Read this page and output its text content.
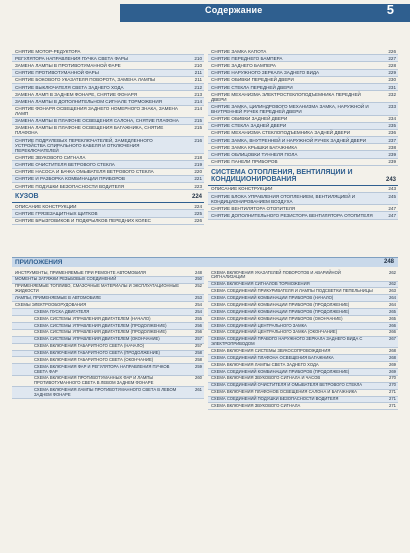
Содержание	5
СНЯТИЕ МОТОР-РЕДУКТОРА
РЕГУЛЯТОРА НАПРАВЛЕНИЯ ПУЧКА СВЕТА ФАРЫ	210
ЗАМЕНА ЛАМПЫ В ПРОТИВОТУМАННОЙ ФАРЕ	210
СНЯТИЕ ПРОТИВОТУМАННОЙ ФАРЫ	211
СНЯТИЕ БОКОВОГО УКАЗАТЕЛЯ ПОВОРОТА, ЗАМЕНА ЛАМПЫ	211
СНЯТИЕ ВЫКЛЮЧАТЕЛЯ СВЕТА ЗАДНЕГО ХОДА	212
ЗАМЕНА ЛАМП В ЗАДНЕМ ФОНАРЕ, СНЯТИЕ ФОНАРЯ	213
ЗАМЕНА ЛАМПЫ В ДОПОЛНИТЕЛЬНОМ СИГНАЛЕ ТОРМОЖЕНИЯ	214
СНЯТИЕ ФОНАРЯ ОСВЕЩЕНИЯ ЗАДНЕГО НОМЕРНОГО ЗНАКА, ЗАМЕНА ЛАМП
214
ЗАМЕНА ЛАМПЫ В ПЛАФОНЕ ОСВЕЩЕНИЯ САЛОНА, СНЯТИЕ ПЛАФОНА	215
ЗАМЕНА ЛАМПЫ В ПЛАФОНЕ ОСВЕЩЕНИЯ БАГАЖНИКА, СНЯТИЕ ПЛАФОНА
215
СНЯТИЕ ПОДРУЛЕВЫХ ПЕРЕКЛЮЧАТЕЛЕЙ, ЗАМЕДЛЕННОГО УСТРОЙСТВА СПИРАЛЬНОГО КАБЕЛЯ И ОТКЛЮЧЕНИЯ ПЕРЕКЛЮЧАТЕЛЕЙ
216
СНЯТИЕ ЗВУКОВОГО СИГНАЛА	218
СНЯТИЕ ОЧИСТИТЕЛЯ ВЕТРОВОГО СТЕКЛА	219
СНЯТИЕ НАСОСА И БАЧКА ОМЫВАТЕЛЯ ВЕТРОВОГО СТЕКЛА	220
СНЯТИЕ И РАЗБОРКА КОМБИНАЦИИ ПРИБОРОВ	221
СНЯТИЕ ПОДУШКИ БЕЗОПАСНОСТИ ВОДИТЕЛЯ	223
КУЗОВ	224
ОПИСАНИЕ КОНСТРУКЦИИ	224
СНЯТИЕ ГРЯЗЕЗАЩИТНЫХ ЩИТКОВ	225
СНЯТИЕ БРЫЗГОВИКОВ И ПОДКРЫЛКОВ ПЕРЕДНИХ КОЛЕС	226
СНЯТИЕ ЗАМКА КАПОТА	226
СНЯТИЕ ПЕРЕДНЕГО БАМПЕРА	227
СНЯТИЕ ЗАДНЕГО БАМПЕРА	228
СНЯТИЕ НАРУЖНОГО ЗЕРКАЛА ЗАДНЕГО ВИДА	229
СНЯТИЕ ОБИВКИ ПЕРЕДНЕЙ ДВЕРИ	230
СНЯТИЕ СТЕКЛА ПЕРЕДНЕЙ ДВЕРИ	231
СНЯТИЕ МЕХАНИЗМА ЭЛЕКТРОСТЕКЛОПОДЪЕМНИКА ПЕРЕДНЕЙ ДВЕРИ
232
СНЯТИЕ ЗАМКА, ЦИЛИНДРОВОГО МЕХАНИЗМА ЗАМКА, НАРУЖНОЙ И ВНУТРЕННЕЙ РУЧЕК ПЕРЕДНЕЙ ДВЕРИ
233
СНЯТИЕ ОБИВКИ ЗАДНЕЙ ДВЕРИ	234
СНЯТИЕ СТЕКЛА ЗАДНЕЙ ДВЕРИ	235
СНЯТИЕ МЕХАНИЗМА СТЕКЛОПОДЪЕМНИКА ЗАДНЕЙ ДВЕРИ	236
СНЯТИЕ ЗАМКА, ВНУТРЕННЕЙ И НАРУЖНОЙ РУЧЕК ЗАДНЕЙ ДВЕРИ	237
СНЯТИЕ ЗАМКА КРЫШКИ БАГАЖНИКА	238
СНЯТИЕ ОБЛИЦОВКИ ТУННЕЛЯ ПОЛА	239
СНЯТИЕ ПАНЕЛИ ПРИБОРОВ	239
СИСТЕМА ОТОПЛЕНИЯ, ВЕНТИЛЯЦИИ И КОНДИЦИОНИРОВАНИЯ	243
ОПИСАНИЕ КОНСТРУКЦИИ	243
СНЯТИЕ БЛОКА УПРАВЛЕНИЯ ОТОПЛЕНИЕМ, ВЕНТИЛЯЦИЕЙ И КОНДИЦИОНИРОВАНИЕМ ВОЗДУХА
245
СНЯТИЕ ВЕНТИЛЯТОРА ОТОПИТЕЛЯ	247
СНЯТИЕ ДОПОЛНИТЕЛЬНОГО РЕЗИСТОРА ВЕНТИЛЯТОРА ОТОПИТЕЛЯ	247
ПРИЛОЖЕНИЯ	248
ИНСТРУМЕНТЫ, ПРИМЕНЯЕМЫЕ ПРИ РЕМОНТЕ АВТОМОБИЛЯ	248
МОМЕНТЫ ЗАТЯЖКИ РЕЗЬБОВЫХ СОЕДИНЕНИЙ	250
ПРИМЕНЯЕМЫЕ ТОПЛИВО, СМАЗОЧНЫЕ МАТЕРИАЛЫ И ЭКСПЛУАТАЦИОННЫЕ ЖИДКОСТИ
252
ЛАМПЫ, ПРИМЕНЯЕМЫЕ В АВТОМОБИЛЕ	253
СХЕМЫ ЭЛЕКТРООБОРУДОВАНИЯ	254
СХЕМА ПУСКА ДВИГАТЕЛЯ	254
СХЕМА СИСТЕМЫ УПРАВЛЕНИЯ ДВИГАТЕЛЕМ (НАЧАЛО)	255
СХЕМА СИСТЕМЫ УПРАВЛЕНИЯ ДВИГАТЕЛЕМ (ПРОДОЛЖЕНИЕ)	256
СХЕМА СИСТЕМЫ УПРАВЛЕНИЯ ДВИГАТЕЛЕМ (ПРОДОЛЖЕНИЕ)	256
СХЕМА СИСТЕМЫ УПРАВЛЕНИЯ ДВИГАТЕЛЕМ (ОКОНЧАНИЕ)	257
СХЕМА ВКЛЮЧЕНИЯ ГАБАРИТНОГО СВЕТА (НАЧАЛО)	257
СХЕМА ВКЛЮЧЕНИЯ ГАБАРИТНОГО СВЕТА (ПРОДОЛЖЕНИЕ)	258
СХЕМА ВКЛЮЧЕНИЯ ГАБАРИТНОГО СВЕТА (ОКОНЧАНИЕ)	258
СХЕМА ВКЛЮЧЕНИЯ ФАР И РЕГУЛЯТОРА НАПРАВЛЕНИЯ ПУЧКОВ СВЕТА ФАР
259
СХЕМА ВКЛЮЧЕНИЯ ПРОТИВОТУМАННЫХ ФАР И ЛАМПЫ ПРОТИВОТУМАННОГО СВЕТА В ЛЕВОМ ЗАДНЕМ ФОНАРЕ
260
СХЕМА ВКЛЮЧЕНИЯ ЛАМПЫ ПРОТИВОТУМАННОГО СВЕТА В ЛЕВОМ ЗАДНЕМ ФОНАРЕ
261
СХЕМА ВКЛЮЧЕНИЯ УКАЗАТЕЛЕЙ ПОВОРОТОВ И АВАРИЙНОЙ СИГНАЛИЗАЦИИ
262
СХЕМА ВКЛЮЧЕНИЯ СИГНАЛОВ ТОРМОЖЕНИЯ	262
СХЕМА СОЕДИНЕНИЙ ПРИКУРИВАТЕЛЯ И ЛАМПЫ ПОДСВЕТКИ ПЕПЕЛЬНИЦЫ	263
СХЕМА СОЕДИНЕНИЙ КОМБИНАЦИИ ПРИБОРОВ (НАЧАЛО)	264
СХЕМА СОЕДИНЕНИЙ КОМБИНАЦИИ ПРИБОРОВ (ПРОДОЛЖЕНИЕ)	264
СХЕМА СОЕДИНЕНИЙ КОМБИНАЦИИ ПРИБОРОВ (ПРОДОЛЖЕНИЕ)	265
СХЕМА СОЕДИНЕНИЙ КОМБИНАЦИИ ПРИБОРОВ (ОКОНЧАНИЕ)	265
СХЕМА СОЕДИНЕНИЙ ЦЕНТРАЛЬНОГО ЗАМКА	266
СХЕМА СОЕДИНЕНИЙ ЦЕНТРАЛЬНОГО ЗАМКА (ОКОНЧАНИЕ)	266
СХЕМА СОЕДИНЕНИЙ ПРАВОГО НАРУЖНОГО ЗЕРКАЛА ЗАДНЕГО ВИДА С ЭЛЕКТРОПРИВОДОМ
267
СХЕМА ВКЛЮЧЕНИЯ СИСТЕМЫ ЗВУКОСОПРОВОЖДЕНИЯ	268
СХЕМА СОЕДИНЕНИЙ ПЛАФОНА ОСВЕЩЕНИЯ БАГАЖНИКА	268
СХЕМА ВКЛЮЧЕНИЯ ЛАМПЫ СВЕТА ЗАДНЕГО ХОДА	269
СХЕМА СОЕДИНЕНИЙ КОМБИНАЦИИ ПРИБОРОВ (ПРОДОЛЖЕНИЕ)	269
СХЕМА ВКЛЮЧЕНИЯ ЗВУКОВОГО СИГНАЛА И ЧАСОВ	270
СХЕМА СОЕДИНЕНИЙ ОЧИСТИТЕЛЯ И ОМЫВАТЕЛЯ ВЕТРОВОГО СТЕКЛА	270
СХЕМА ВКЛЮЧЕНИЯ ПЛАФОНОВ ОСВЕЩЕНИЯ САЛОНА И БАГАЖНИКА	271
СХЕМА СОЕДИНЕНИЙ ПОДУШКИ БЕЗОПАСНОСТИ ВОДИТЕЛЯ	271
СХЕМА ВКЛЮЧЕНИЯ ЗВУКОВОГО СИГНАЛА	271
